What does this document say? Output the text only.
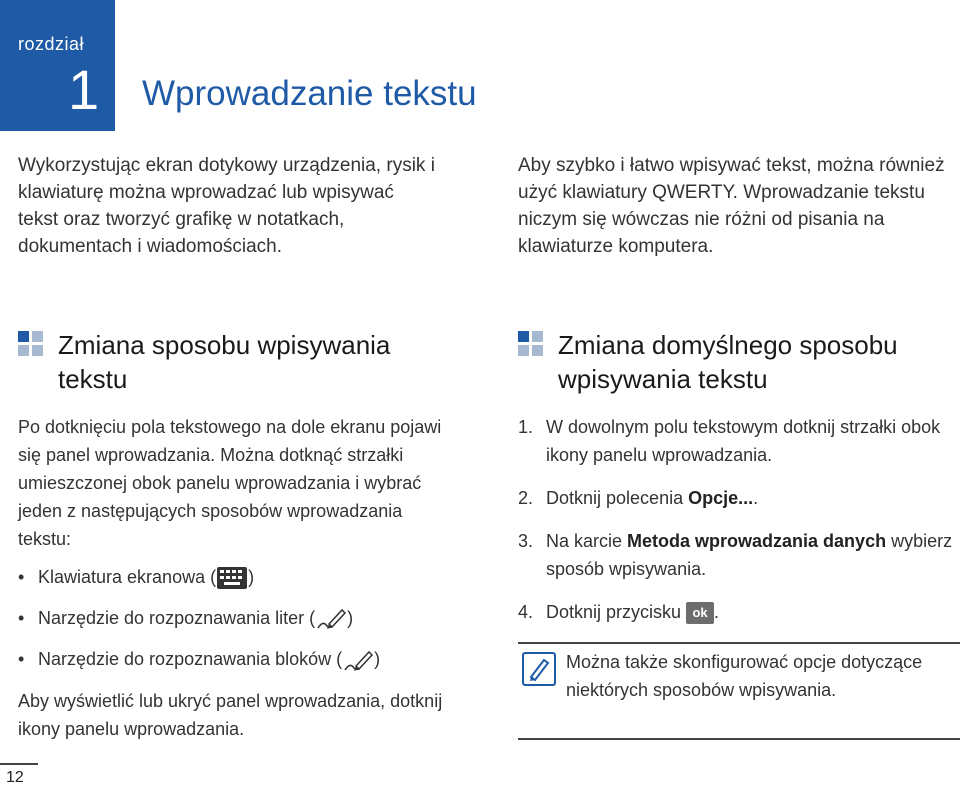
rozdział
1 Wprowadzanie tekstu
Wykorzystując ekran dotykowy urządzenia, rysik i klawiaturę można wprowadzać lub wpisywać tekst oraz tworzyć grafikę w notatkach, dokumentach i wiadomościach.
Aby szybko i łatwo wpisywać tekst, można również użyć klawiatury QWERTY. Wprowadzanie tekstu niczym się wówczas nie różni od pisania na klawiaturze komputera.
Zmiana sposobu wpisywania tekstu
Zmiana domyślnego sposobu wpisywania tekstu

Po dotknięciu pola tekstowego na dole ekranu pojawi się panel wprowadzania. Można dotknąć strzałki umieszczonej obok panelu wprowadzania i wybrać jeden z następujących sposobów wprowadzania tekstu:

• Klawiatura ekranowa ( )
• Narzędzie do rozpoznawania liter ( )
• Narzędzie do rozpoznawania bloków ( )

Aby wyświetlić lub ukryć panel wprowadzania, dotknij ikony panelu wprowadzania.

1. W dowolnym polu tekstowym dotknij strzałki obok ikony panelu wprowadzania.
2. Dotknij polecenia Opcje....
3. Na karcie Metoda wprowadzania danych wybierz sposób wpisywania.
4. Dotknij przycisku ok .
Można także skonfigurować opcje dotyczące niektórych sposobów wpisywania.
12
